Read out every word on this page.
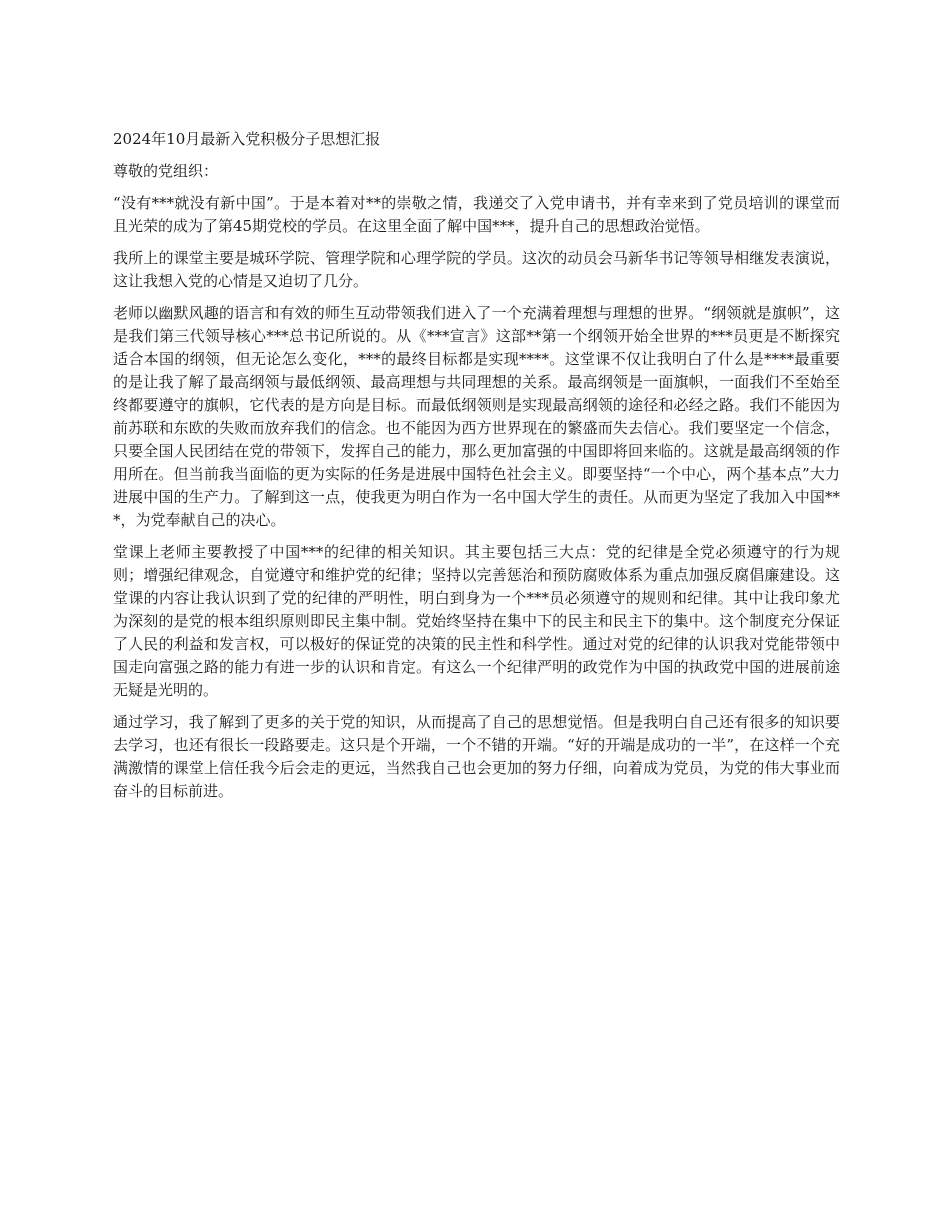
2024年10月最新入党积极分子思想汇报
尊敬的党组织：

“没有***就没有新中国”。于是本着对**的崇敬之情，我递交了入党申请书，并有幸来到了党员培训的课堂而且光荣的成为了第45期党校的学员。在这里全面了解中国***，提升自己的思想政治觉悟。

我所上的课堂主要是城环学院、管理学院和心理学院的学员。这次的动员会马新华书记等领导相继发表演说，这让我想入党的心情是又迫切了几分。

老师以幽默风趣的语言和有效的师生互动带领我们进入了一个充满着理想与理想的世界。“纲领就是旗帜”，这是我们第三代领导核心***总书记所说的。从《***宣言》这部**第一个纲领开始全世界的***员更是不断探究适合本国的纲领，但无论怎么变化，***的最终目标都是实现****。这堂课不仅让我明白了什么是****最重要的是让我了解了最高纲领与最低纲领、最高理想与共同理想的关系。最高纲领是一面旗帜，一面我们不至始至终都要遵守的旗帜，它代表的是方向是目标。而最低纲领则是实现最高纲领的途径和必经之路。我们不能因为前苏联和东欧的失败而放弃我们的信念。也不能因为西方世界现在的繁盛而失去信心。我们要坚定一个信念，只要全国人民团结在党的带领下，发挥自己的能力，那么更加富强的中国即将回来临的。这就是最高纲领的作用所在。但当前我当面临的更为实际的任务是进展中国特色社会主义。即要坚持“一个中心，两个基本点”大力进展中国的生产力。了解到这一点，使我更为明白作为一名中国大学生的责任。从而更为坚定了我加入中国***，为党奉献自己的决心。

堂课上老师主要教授了中国***的纪律的相关知识。其主要包括三大点：党的纪律是全党必须遵守的行为规则；增强纪律观念，自觉遵守和维护党的纪律；坚持以完善惩治和预防腐败体系为重点加强反腐倡廉建设。这堂课的内容让我认识到了党的纪律的严明性，明白到身为一个***员必须遵守的规则和纪律。其中让我印象尤为深刻的是党的根本组织原则即民主集中制。党始终坚持在集中下的民主和民主下的集中。这个制度充分保证了人民的利益和发言权，可以极好的保证党的决策的民主性和科学性。通过对党的纪律的认识我对党能带领中国走向富强之路的能力有进一步的认识和肯定。有这么一个纪律严明的政党作为中国的执政党中国的进展前途无疑是光明的。

通过学习，我了解到了更多的关于党的知识，从而提高了自己的思想觉悟。但是我明白自己还有很多的知识要去学习，也还有很长一段路要走。这只是个开端，一个不错的开端。“好的开端是成功的一半”，在这样一个充满激情的课堂上信任我今后会走的更远，当然我自己也会更加的努力仔细，向着成为党员，为党的伟大事业而奋斗的目标前进。
